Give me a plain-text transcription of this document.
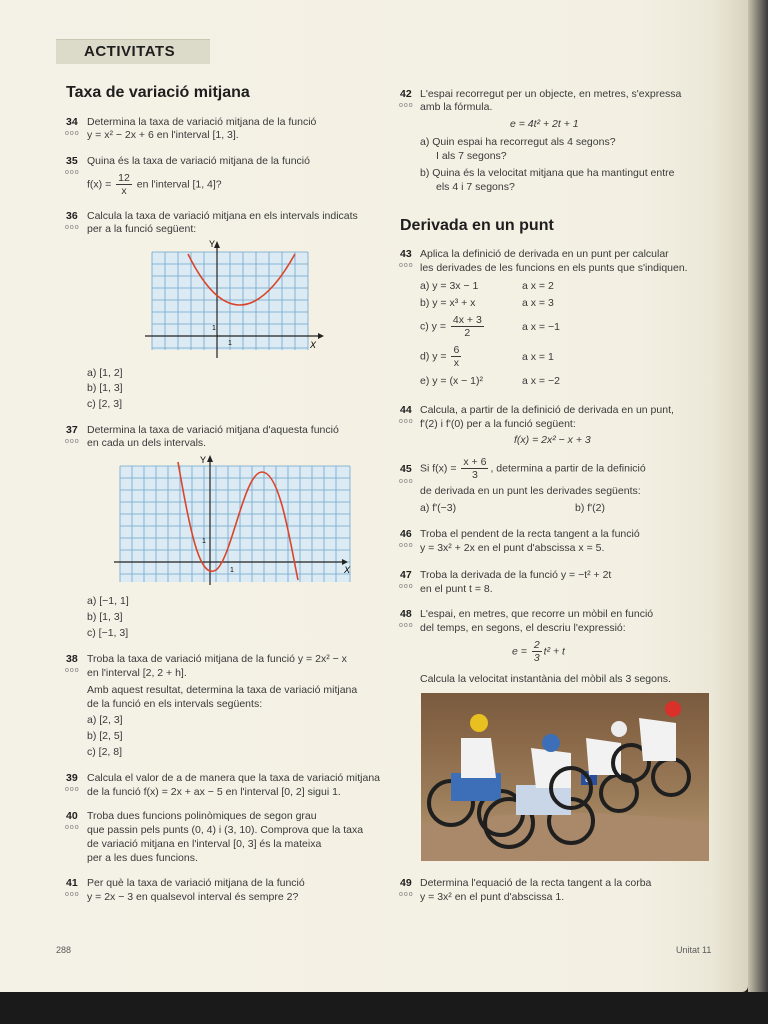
ACTIVITATS
Taxa de variació mitjana
34
ooo
Determina la taxa de variació mitjana de la funció
y = x² − 2x + 6 en l'interval [1, 3].
35
ooo
Quina és la taxa de variació mitjana de la funció
$f(x) = \frac{12}{x}$ en l'interval [1, 4]?
36
ooo
Calcula la taxa de variació mitjana en els intervals indicats
per a la funció següent:
Y
X
1
1
a) [1, 2]
b) [1, 3]
c) [2, 3]
37
ooo
Determina la taxa de variació mitjana d'aquesta funció
en cada un dels intervals.
Y
X
1
1
a) [−1, 1]
b) [1, 3]
c) [−1, 3]
38
ooo
Troba la taxa de variació mitjana de la funció y = 2x² − x
en l'interval [2, 2 + h].
Amb aquest resultat, determina la taxa de variació mitjana
de la funció en els intervals següents:
a) [2, 3]
b) [2, 5]
c) [2, 8]
39
ooo
Calcula el valor de a de manera que la taxa de variació mitjana
de la funció f(x) = 2x + ax − 5 en l'interval [0, 2] sigui 1.
40
ooo
Troba dues funcions polinòmiques de segon grau
que passin pels punts (0, 4) i (3, 10). Comprova que la taxa
de variació mitjana en l'interval [0, 3] és la mateixa
per a les dues funcions.
41
ooo
Per què la taxa de variació mitjana de la funció
y = 2x − 3 en qualsevol interval és sempre 2?
42
ooo
L'espai recorregut per un objecte, en metres, s'expressa
amb la fórmula.
e = 4t² + 2t + 1
a) Quin espai ha recorregut als 4 segons?
I als 7 segons?
b) Quina és la velocitat mitjana que ha mantingut entre
els 4 i 7 segons?
Derivada en un punt
43
ooo
Aplica la definició de derivada en un punt per calcular
les derivades de les funcions en els punts que s'indiquen.
a) y = 3x − 1	a x = 2
b) y = x³ + x	a x = 3
c) $y = \frac{4x + 3}{2}$	a x = −1
d) $y = \frac{6}{x}$	a x = 1
e) y = (x − 1)²	a x = −2
44
ooo
Calcula, a partir de la definició de derivada en un punt,
f'(2) i f'(0) per a la funció següent:
f(x) = 2x² − x + 3
45
ooo
Si $f(x) = \frac{x + 6}{3}$ , determina a partir de la definició
de derivada en un punt les derivades següents:
a) f'(−3)	b) f'(2)
46
ooo
Troba el pendent de la recta tangent a la funció
y = 3x² + 2x en el punt d'abscissa x = 5.
47
ooo
Troba la derivada de la funció y = −t² + 2t
en el punt t = 8.
48
ooo
L'espai, en metres, que recorre un mòbil en funció
del temps, en segons, el descriu l'expressió:
$e = \frac{2}{3} t^2 + t$
Calcula la velocitat instantània del mòbil als 3 segons.
8
49
ooo
Determina l'equació de la recta tangent a la corba
y = 3x² en el punt d'abscissa 1.
288	Unitat 11
